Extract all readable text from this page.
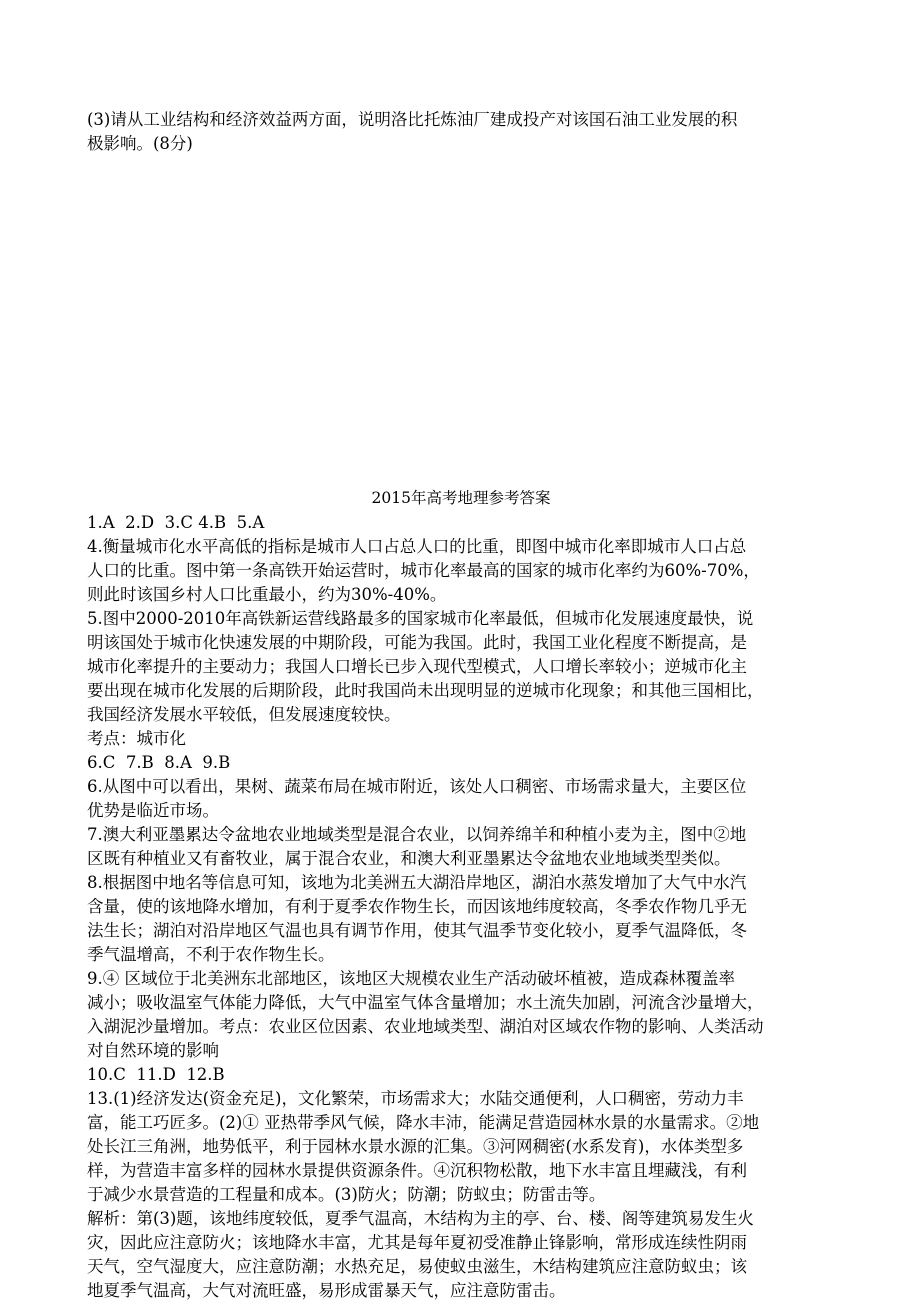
(3)请从工业结构和经济效益两方面，说明洛比托炼油厂建成投产对该国石油工业发展的积

极影响。(8分)

2015年高考地理参考答案

1.A  2.D  3.C 4.B  5.A

4.衡量城市化水平高低的指标是城市人口占总人口的比重，即图中城市化率即城市人口占总

人口的比重。图中第一条高铁开始运营时，城市化率最高的国家的城市化率约为60%-70%，

则此时该国乡村人口比重最小，约为30%-40%。

5.图中2000-2010年高铁新运营线路最多的国家城市化率最低，但城市化发展速度最快，说

明该国处于城市化快速发展的中期阶段，可能为我国。此时，我国工业化程度不断提高，是

城市化率提升的主要动力；我国人口增长已步入现代型模式，人口增长率较小；逆城市化主

要出现在城市化发展的后期阶段，此时我国尚未出现明显的逆城市化现象；和其他三国相比，

我国经济发展水平较低，但发展速度较快。

考点：城市化

6.C  7.B  8.A  9.B

6.从图中可以看出，果树、蔬菜布局在城市附近，该处人口稠密、市场需求量大，主要区位

优势是临近市场。

7.澳大利亚墨累达令盆地农业地域类型是混合农业，以饲养绵羊和种植小麦为主，图中②地

区既有种植业又有畜牧业，属于混合农业，和澳大利亚墨累达令盆地农业地域类型类似。

8.根据图中地名等信息可知，该地为北美洲五大湖沿岸地区，湖泊水蒸发增加了大气中水汽

含量，使的该地降水增加，有利于夏季农作物生长，而因该地纬度较高，冬季农作物几乎无

法生长；湖泊对沿岸地区气温也具有调节作用，使其气温季节变化较小，夏季气温降低，冬

季气温增高，不利于农作物生长。

9.④ 区域位于北美洲东北部地区，该地区大规模农业生产活动破坏植被，造成森林覆盖率

减小；吸收温室气体能力降低，大气中温室气体含量增加；水土流失加剧，河流含沙量增大，

入湖泥沙量增加。考点：农业区位因素、农业地域类型、湖泊对区域农作物的影响、人类活动

对自然环境的影响

10.C  11.D  12.B

13.(1)经济发达(资金充足)，文化繁荣，市场需求大；水陆交通便利，人口稠密，劳动力丰

富，能工巧匠多。(2)① 亚热带季风气候，降水丰沛，能满足营造园林水景的水量需求。②地

处长江三角洲，地势低平，利于园林水景水源的汇集。③河网稠密(水系发育)，水体类型多

样，为营造丰富多样的园林水景提供资源条件。④沉积物松散，地下水丰富且埋藏浅，有利

于减少水景营造的工程量和成本。(3)防火；防潮；防蚁虫；防雷击等。

解析：第(3)题，该地纬度较低，夏季气温高，木结构为主的亭、台、楼、阁等建筑易发生火

灾，因此应注意防火；该地降水丰富，尤其是每年夏初受准静止锋影响，常形成连续性阴雨

天气，空气湿度大，应注意防潮；水热充足，易使蚁虫滋生，木结构建筑应注意防蚁虫；该

地夏季气温高，大气对流旺盛，易形成雷暴天气，应注意防雷击。
